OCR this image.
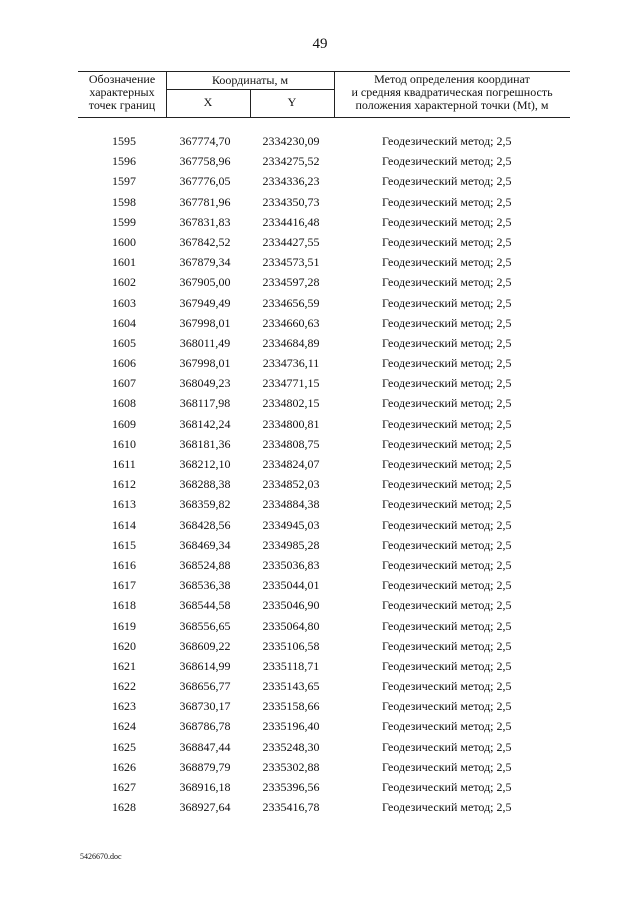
49
Обозначение
характерных
точек границ
Координаты, м
X	Y
Метод определения координат
и средняя квадратическая погрешность
положения характерной точки (Mt), м
1595	367774,70	2334230,09	Геодезический метод; 2,5
1596	367758,96	2334275,52	Геодезический метод; 2,5
1597	367776,05	2334336,23	Геодезический метод; 2,5
1598	367781,96	2334350,73	Геодезический метод; 2,5
1599	367831,83	2334416,48	Геодезический метод; 2,5
1600	367842,52	2334427,55	Геодезический метод; 2,5
1601	367879,34	2334573,51	Геодезический метод; 2,5
1602	367905,00	2334597,28	Геодезический метод; 2,5
1603	367949,49	2334656,59	Геодезический метод; 2,5
1604	367998,01	2334660,63	Геодезический метод; 2,5
1605	368011,49	2334684,89	Геодезический метод; 2,5
1606	367998,01	2334736,11	Геодезический метод; 2,5
1607	368049,23	2334771,15	Геодезический метод; 2,5
1608	368117,98	2334802,15	Геодезический метод; 2,5
1609	368142,24	2334800,81	Геодезический метод; 2,5
1610	368181,36	2334808,75	Геодезический метод; 2,5
1611	368212,10	2334824,07	Геодезический метод; 2,5
1612	368288,38	2334852,03	Геодезический метод; 2,5
1613	368359,82	2334884,38	Геодезический метод; 2,5
1614	368428,56	2334945,03	Геодезический метод; 2,5
1615	368469,34	2334985,28	Геодезический метод; 2,5
1616	368524,88	2335036,83	Геодезический метод; 2,5
1617	368536,38	2335044,01	Геодезический метод; 2,5
1618	368544,58	2335046,90	Геодезический метод; 2,5
1619	368556,65	2335064,80	Геодезический метод; 2,5
1620	368609,22	2335106,58	Геодезический метод; 2,5
1621	368614,99	2335118,71	Геодезический метод; 2,5
1622	368656,77	2335143,65	Геодезический метод; 2,5
1623	368730,17	2335158,66	Геодезический метод; 2,5
1624	368786,78	2335196,40	Геодезический метод; 2,5
1625	368847,44	2335248,30	Геодезический метод; 2,5
1626	368879,79	2335302,88	Геодезический метод; 2,5
1627	368916,18	2335396,56	Геодезический метод; 2,5
1628	368927,64	2335416,78	Геодезический метод; 2,5
5426670.doc
